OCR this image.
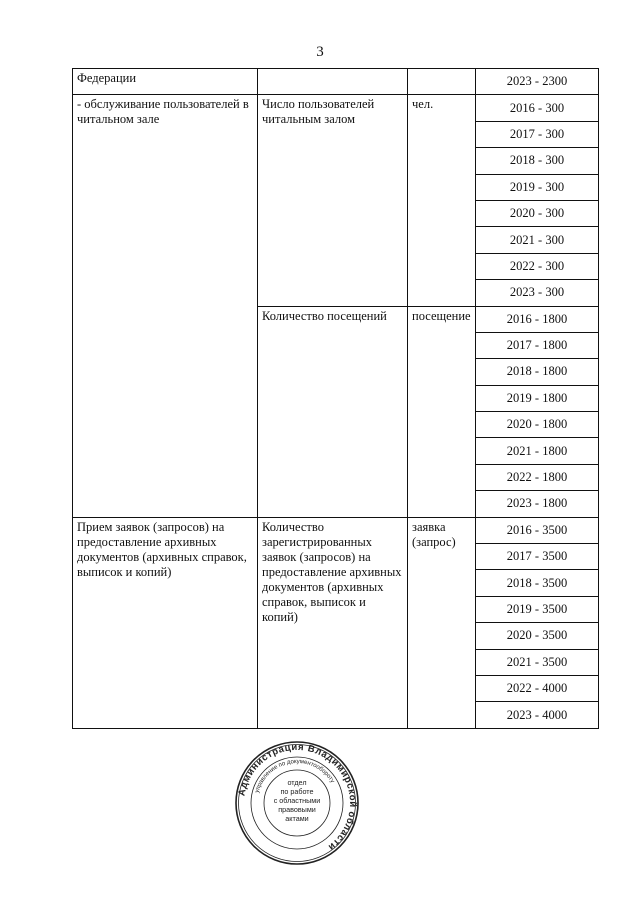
3
Федерации			2023 - 2300
- обслуживание пользователей в читальном зале	Число пользователей читальным залом	чел.	2016 - 300
			2017 - 300
			2018 - 300
			2019 - 300
			2020 - 300
			2021 - 300
			2022 - 300
			2023 - 300
	Количество посещений	посещение	2016 - 1800
			2017 - 1800
			2018 - 1800
			2019 - 1800
			2020 - 1800
			2021 - 1800
			2022 - 1800
			2023 - 1800
Прием заявок (запросов) на предоставление архивных документов (архивных справок, выписок и копий)	Количество зарегистрированных заявок (запросов) на предоставление архивных документов (архивных справок, выписок и копий)	заявка (запрос)	2016 - 3500
			2017 - 3500
			2018 - 3500
			2019 - 3500
			2020 - 3500
			2021 - 3500
			2022 - 4000
			2023 - 4000
Администрация Владимирской области
управление по документообороту
отдел
по работе
с областными
правовыми
актами
